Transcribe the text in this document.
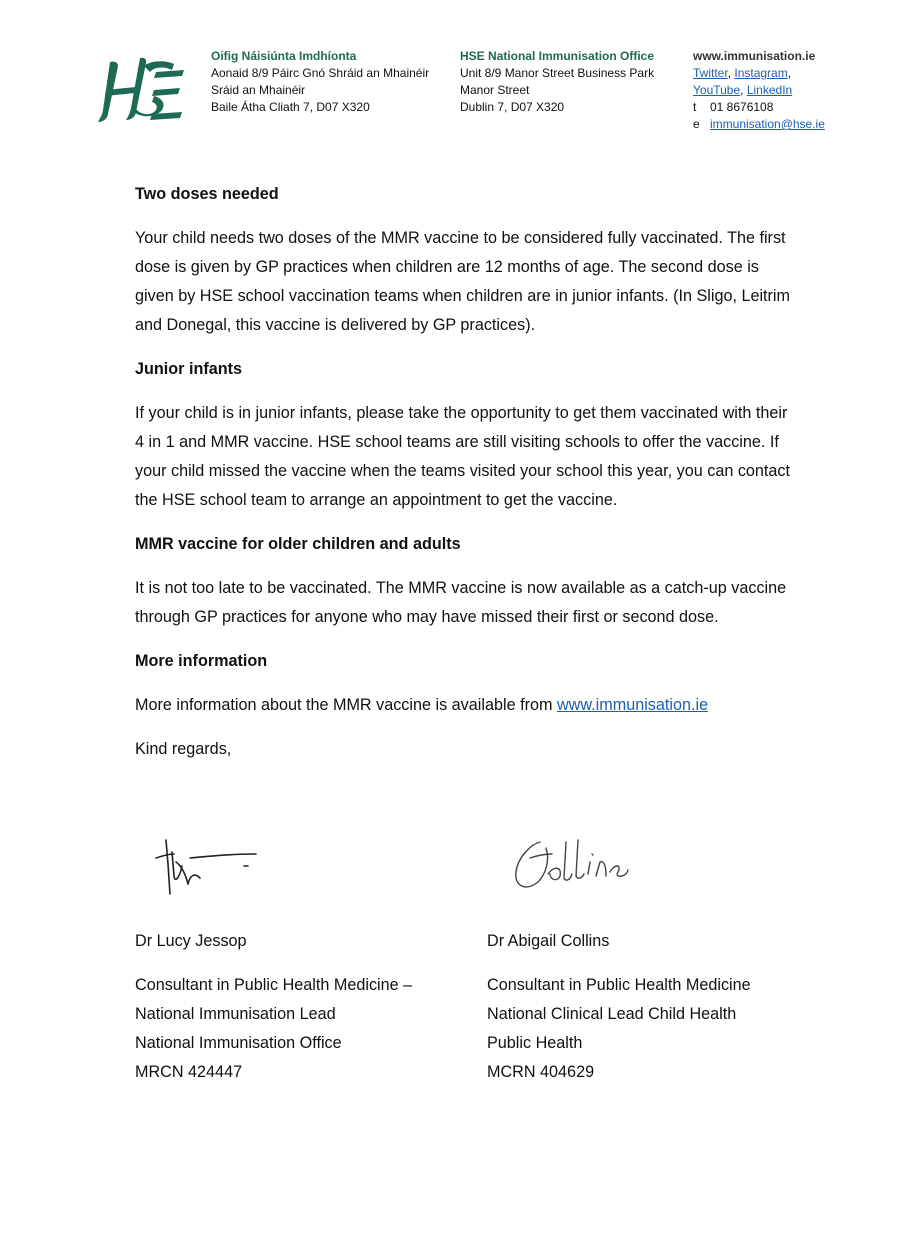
Oifig Náisiúnta Imdhíonta
Aonaid 8/9 Páirc Gnó Shráid an Mhainéir
Sráid an Mhainéir
Baile Átha Cliath 7, D07 X320
HSE National Immunisation Office
Unit 8/9 Manor Street Business Park
Manor Street
Dublin 7, D07 X320
www.immunisation.ie
Twitter, Instagram,
YouTube, LinkedIn
t 01 8676108
e immunisation@hse.ie
Two doses needed

Your child needs two doses of the MMR vaccine to be considered fully vaccinated. The first dose is given by GP practices when children are 12 months of age. The second dose is given by HSE school vaccination teams when children are in junior infants. (In Sligo, Leitrim and Donegal, this vaccine is delivered by GP practices).

Junior infants

If your child is in junior infants, please take the opportunity to get them vaccinated with their 4 in 1 and MMR vaccine. HSE school teams are still visiting schools to offer the vaccine. If your child missed the vaccine when the teams visited your school this year, you can contact the HSE school team to arrange an appointment to get the vaccine.

MMR vaccine for older children and adults

It is not too late to be vaccinated. The MMR vaccine is now available as a catch-up vaccine through GP practices for anyone who may have missed their first or second dose.

More information

More information about the MMR vaccine is available from www.immunisation.ie

Kind regards,

Dr Lucy Jessop
Consultant in Public Health Medicine –
National Immunisation Lead
National Immunisation Office
MRCN 424447
Dr Abigail Collins
Consultant in Public Health Medicine
National Clinical Lead Child Health
Public Health
MCRN 404629
